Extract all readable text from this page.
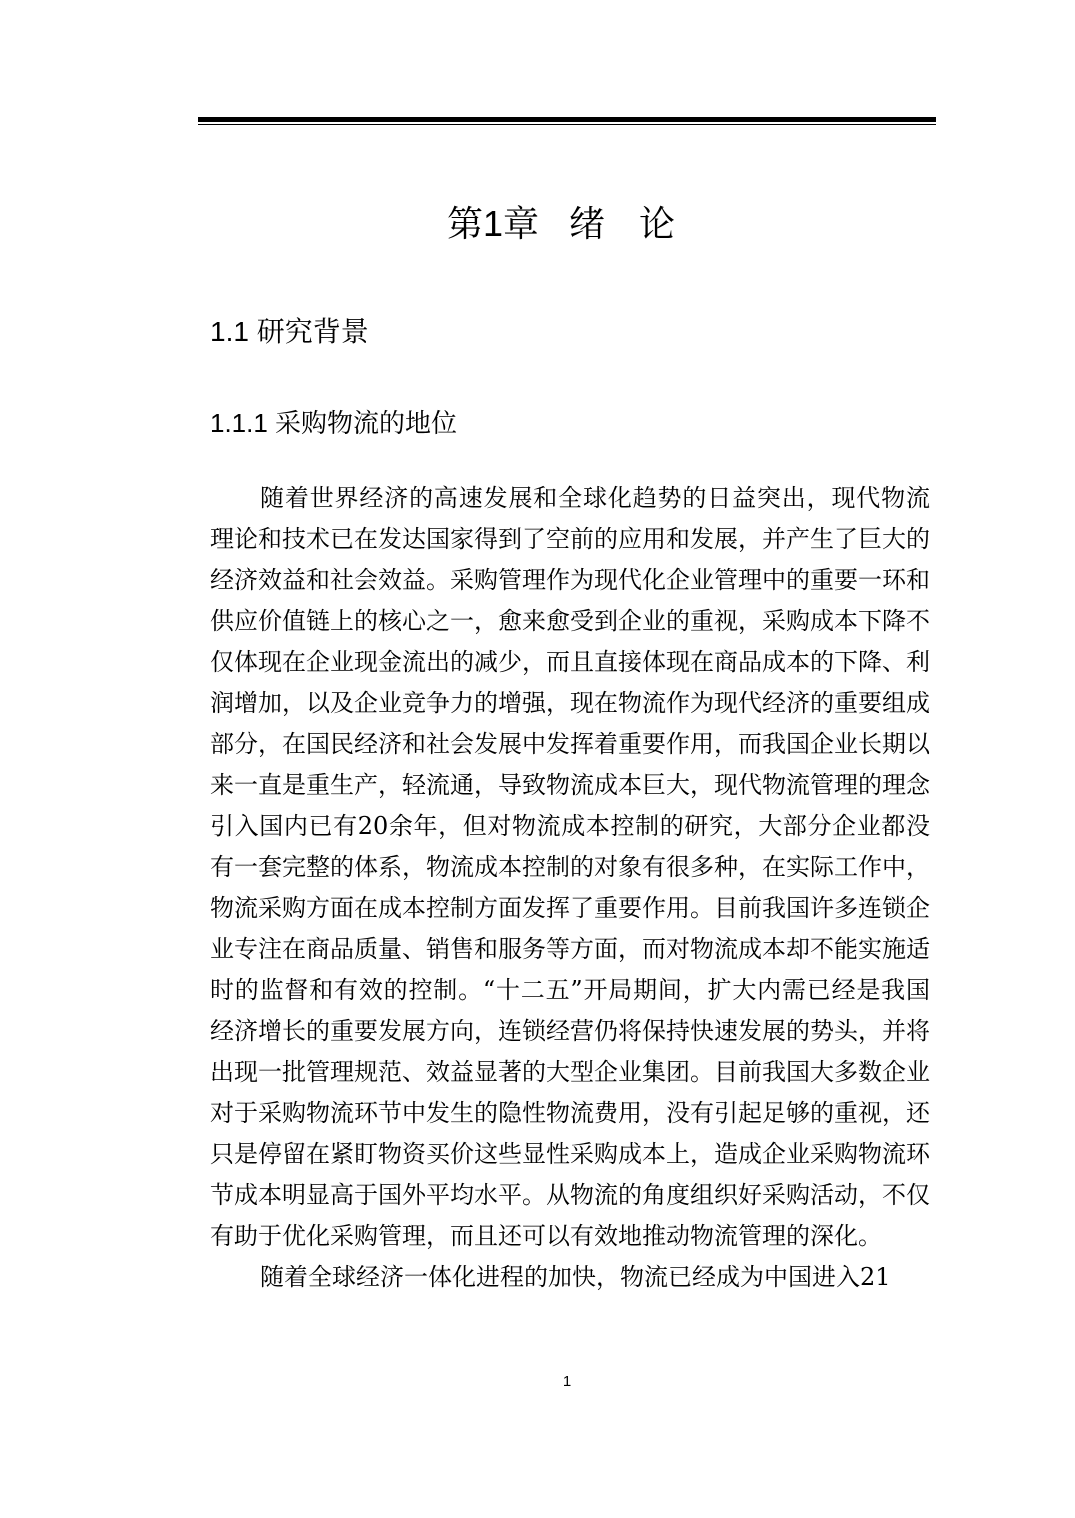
第1章 绪 论
1.1 研究背景
1.1.1 采购物流的地位

随着世界经济的高速发展和全球化趋势的日益突出，现代物流理论和技术已在发达国家得到了空前的应用和发展，并产生了巨大的经济效益和社会效益。采购管理作为现代化企业管理中的重要一环和供应价值链上的核心之一，愈来愈受到企业的重视，采购成本下降不仅体现在企业现金流出的减少，而且直接体现在商品成本的下降、利润增加，以及企业竞争力的增强，现在物流作为现代经济的重要组成部分，在国民经济和社会发展中发挥着重要作用，而我国企业长期以来一直是重生产，轻流通，导致物流成本巨大，现代物流管理的理念引入国内已有20余年，但对物流成本控制的研究，大部分企业都没有一套完整的体系，物流成本控制的对象有很多种，在实际工作中，物流采购方面在成本控制方面发挥了重要作用。目前我国许多连锁企业专注在商品质量、销售和服务等方面，而对物流成本却不能实施适时的监督和有效的控制。“十二五”开局期间，扩大内需已经是我国经济增长的重要发展方向，连锁经营仍将保持快速发展的势头，并将出现一批管理规范、效益显著的大型企业集团。目前我国大多数企业对于采购物流环节中发生的隐性物流费用，没有引起足够的重视，还只是停留在紧盯物资买价这些显性采购成本上，造成企业采购物流环节成本明显高于国外平均水平。从物流的角度组织好采购活动，不仅有助于优化采购管理，而且还可以有效地推动物流管理的深化。

随着全球经济一体化进程的加快，物流已经成为中国进入21

1
